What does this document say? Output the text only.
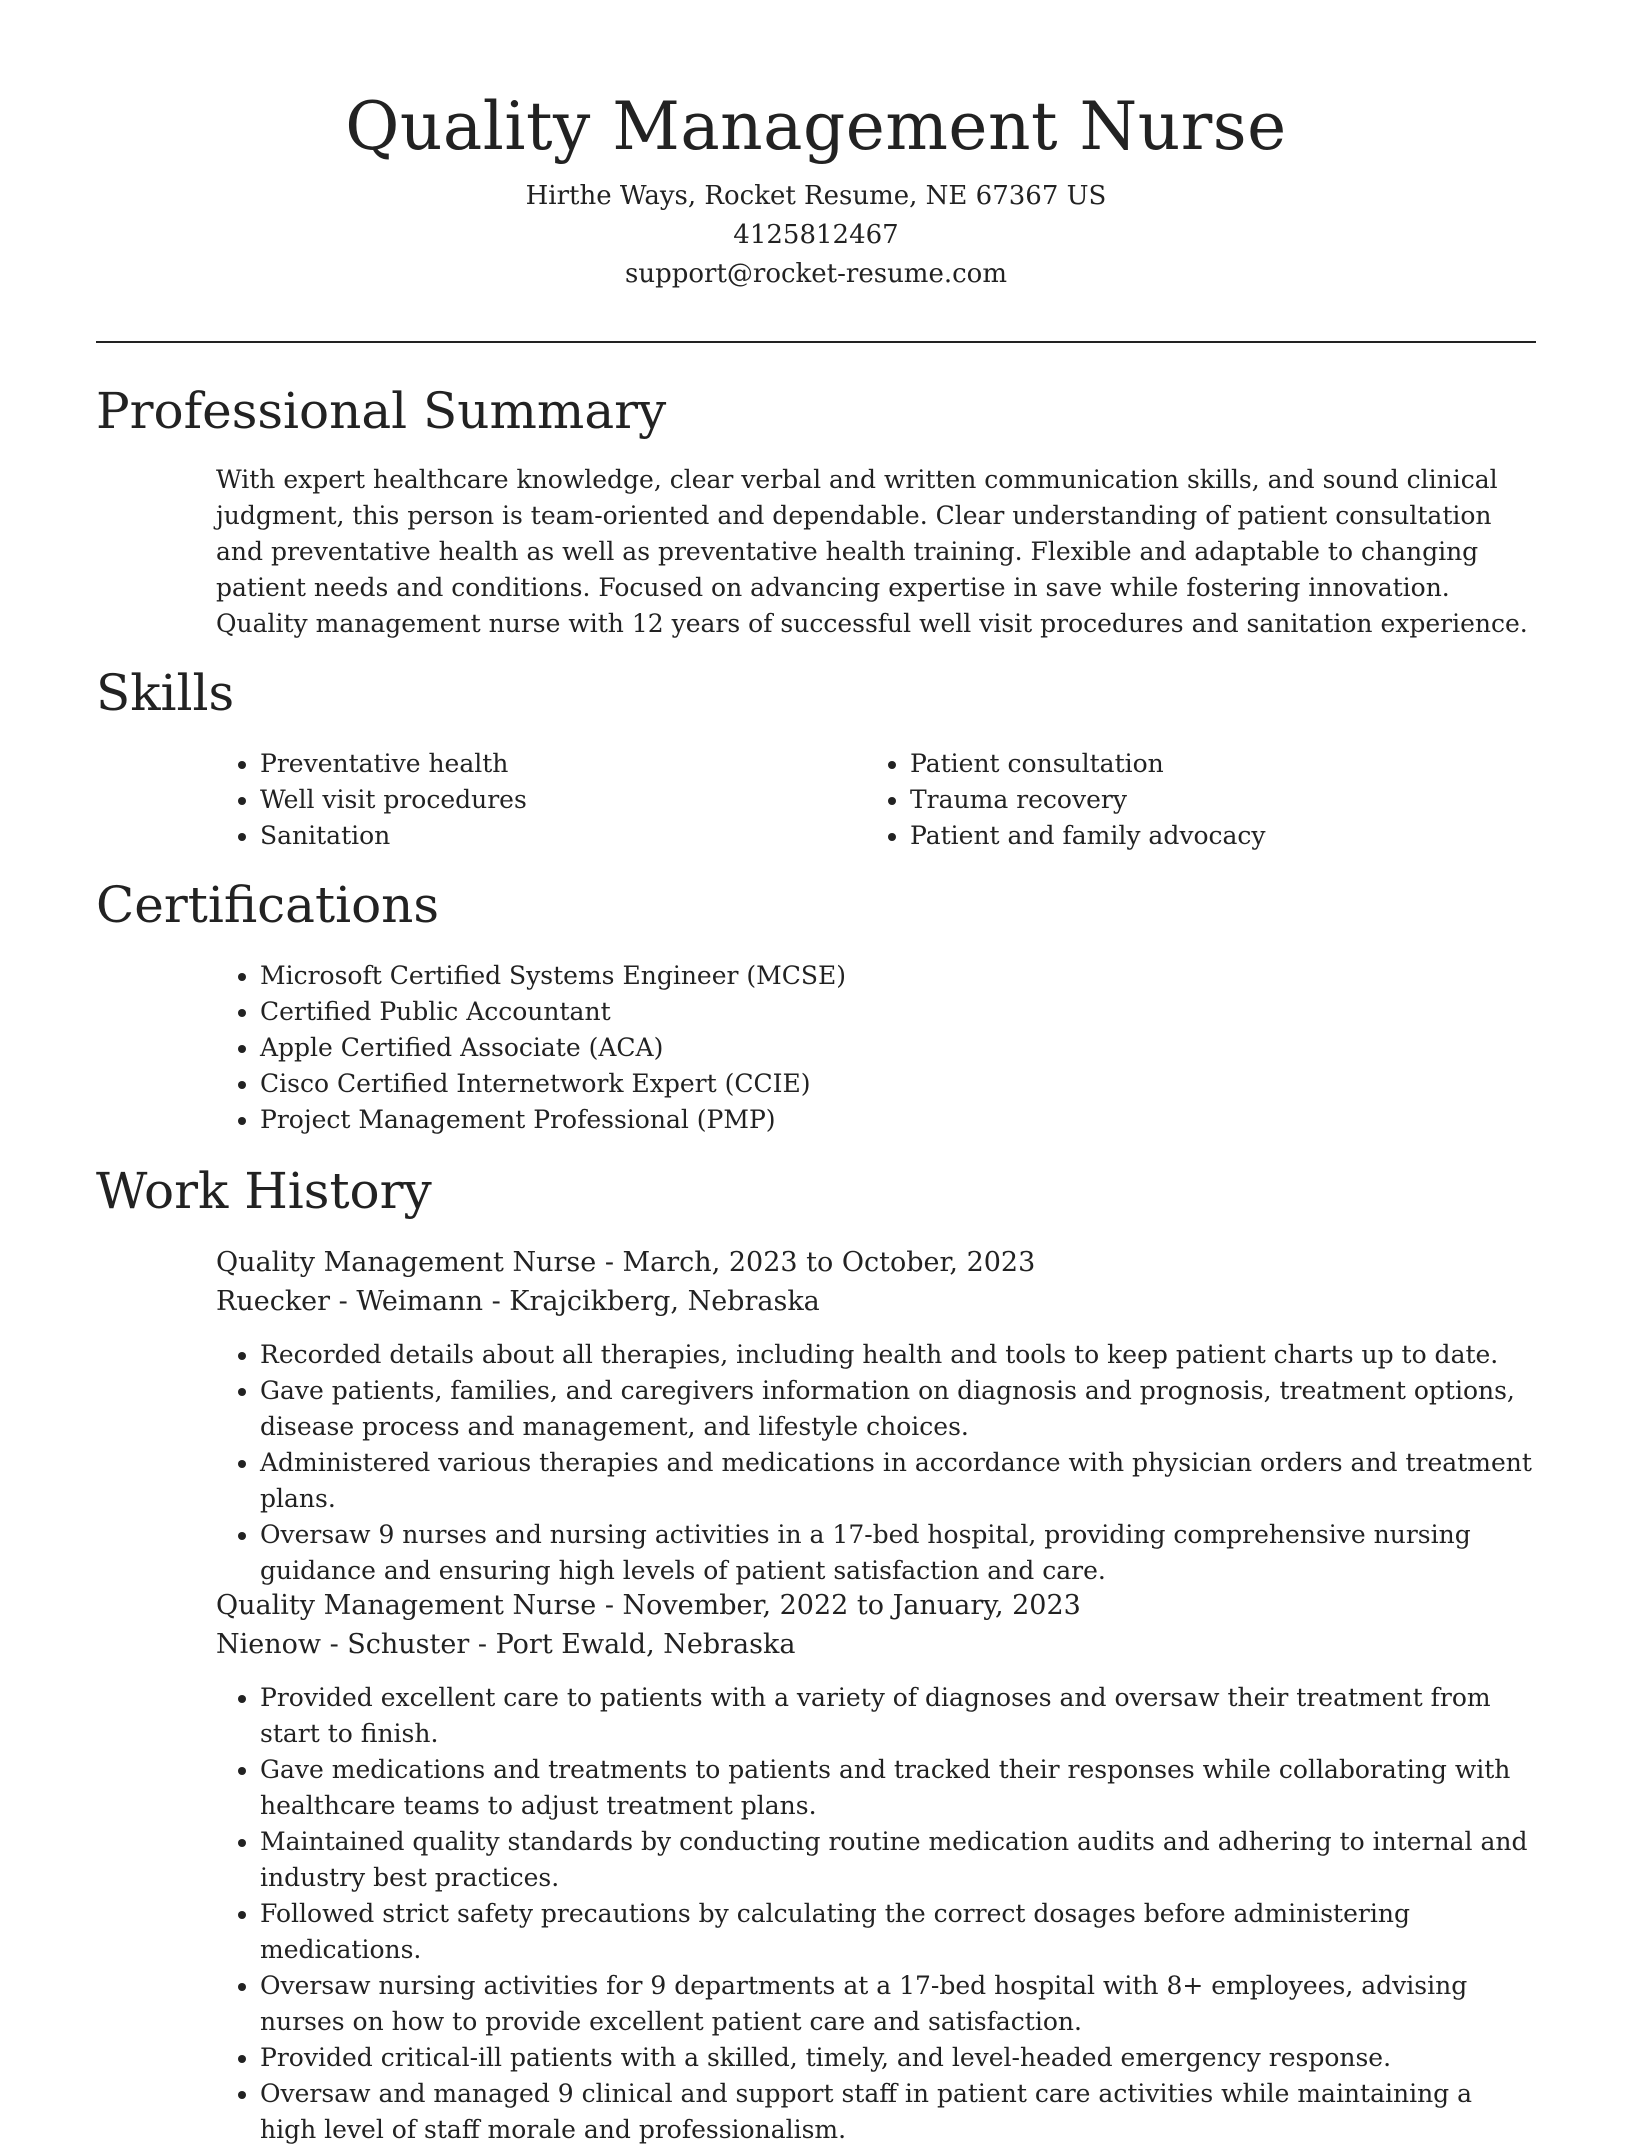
Quality Management Nurse

Hirthe Ways, Rocket Resume, NE 67367 US

4125812467

support@rocket-resume.com

Professional Summary

With expert healthcare knowledge, clear verbal and written communication skills, and sound clinical judgment, this person is team-oriented and dependable. Clear understanding of patient consultation and preventative health as well as preventative health training. Flexible and adaptable to changing patient needs and conditions. Focused on advancing expertise in save while fostering innovation. Quality management nurse with 12 years of successful well visit procedures and sanitation experience.

Skills
• Preventative health
• Well visit procedures
• Sanitation
• Patient consultation
• Trauma recovery
• Patient and family advocacy
Certifications
• Microsoft Certified Systems Engineer (MCSE)
• Certified Public Accountant
• Apple Certified Associate (ACA)
• Cisco Certified Internetwork Expert (CCIE)
• Project Management Professional (PMP)
Work History

Quality Management Nurse - March, 2023 to October, 2023

Ruecker - Weimann - Krajcikberg, Nebraska

• Recorded details about all therapies, including health and tools to keep patient charts up to date.
• Gave patients, families, and caregivers information on diagnosis and prognosis, treatment options, disease process and management, and lifestyle choices.
• Administered various therapies and medications in accordance with physician orders and treatment plans.
• Oversaw 9 nurses and nursing activities in a 17-bed hospital, providing comprehensive nursing guidance and ensuring high levels of patient satisfaction and care.

Quality Management Nurse - November, 2022 to January, 2023

Nienow - Schuster - Port Ewald, Nebraska

• Provided excellent care to patients with a variety of diagnoses and oversaw their treatment from start to finish.
• Gave medications and treatments to patients and tracked their responses while collaborating with healthcare teams to adjust treatment plans.
• Maintained quality standards by conducting routine medication audits and adhering to internal and industry best practices.
• Followed strict safety precautions by calculating the correct dosages before administering medications.
• Oversaw nursing activities for 9 departments at a 17-bed hospital with 8+ employees, advising nurses on how to provide excellent patient care and satisfaction.
• Provided critical-ill patients with a skilled, timely, and level-headed emergency response.
• Oversaw and managed 9 clinical and support staff in patient care activities while maintaining a high level of staff morale and professionalism.
